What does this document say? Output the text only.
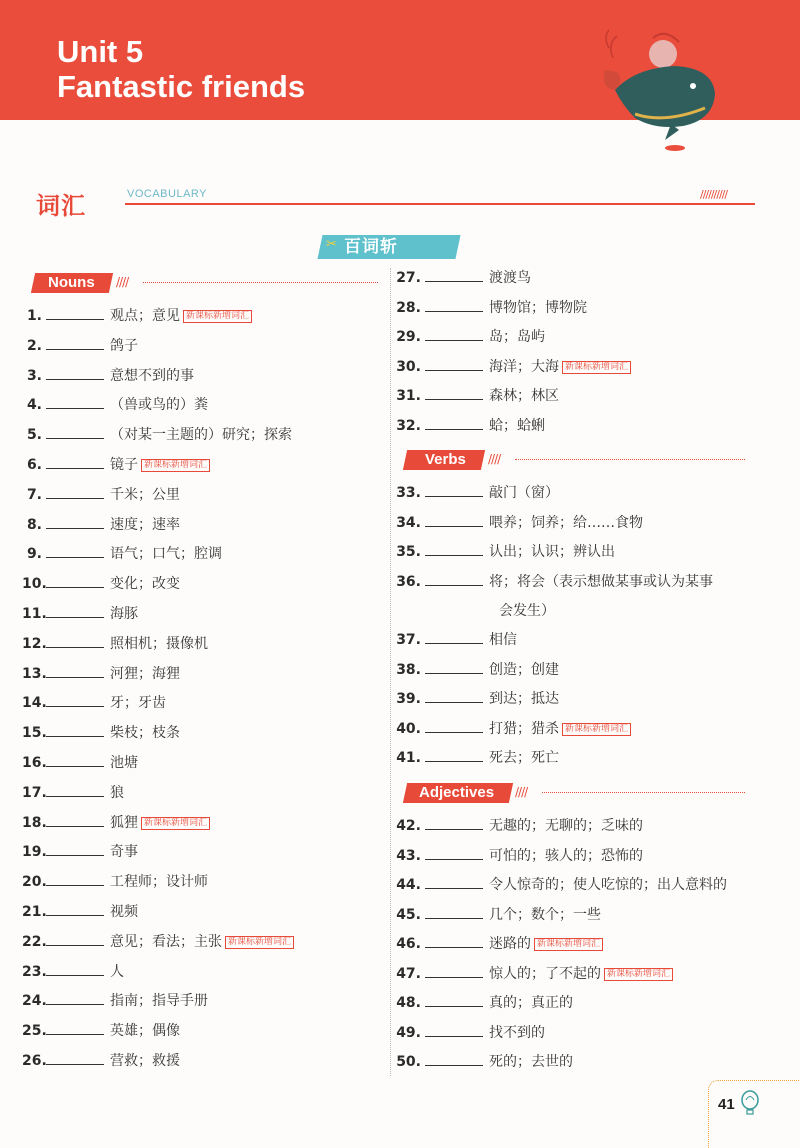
Unit 5
Fantastic friends
词汇	VOCABULARY	//////////
✂ 百词斩
Nouns ////
Verbs ////
Adjectives ////
1.	观点；意见 新课标新增词汇
2.	鸽子
3.	意想不到的事
4.	（兽或鸟的）粪
5.	（对某一主题的）研究；探索
6.	镜子 新课标新增词汇
7.	千米；公里
8.	速度；速率
9.	语气；口气；腔调
10.	变化；改变
11.	海豚
12.	照相机；摄像机
13.	河狸；海狸
14.	牙；牙齿
15.	柴枝；枝条
16.	池塘
17.	狼
18.	狐狸 新课标新增词汇
19.	奇事
20.	工程师；设计师
21.	视频
22.	意见；看法；主张 新课标新增词汇
23.	人
24.	指南；指导手册
25.	英雄；偶像
26.	营救；救援
27.	渡渡鸟
28.	博物馆；博物院
29.	岛；岛屿
30.	海洋；大海 新课标新增词汇
31.	森林；林区
32.	蛤；蛤蜊
33.	敲门（窗）
34.	喂养；饲养；给……食物
35.	认出；认识；辨认出
36.	将；将会（表示想做某事或认为某事
会发生）
37.	相信
38.	创造；创建
39.	到达；抵达
40.	打猎；猎杀 新课标新增词汇
41.	死去；死亡
42.	无趣的；无聊的；乏味的
43.	可怕的；骇人的；恐怖的
44.	令人惊奇的；使人吃惊的；出人意料的
45.	几个；数个；一些
46.	迷路的 新课标新增词汇
47.	惊人的；了不起的 新课标新增词汇
48.	真的；真正的
49.	找不到的
50.	死的；去世的
41
